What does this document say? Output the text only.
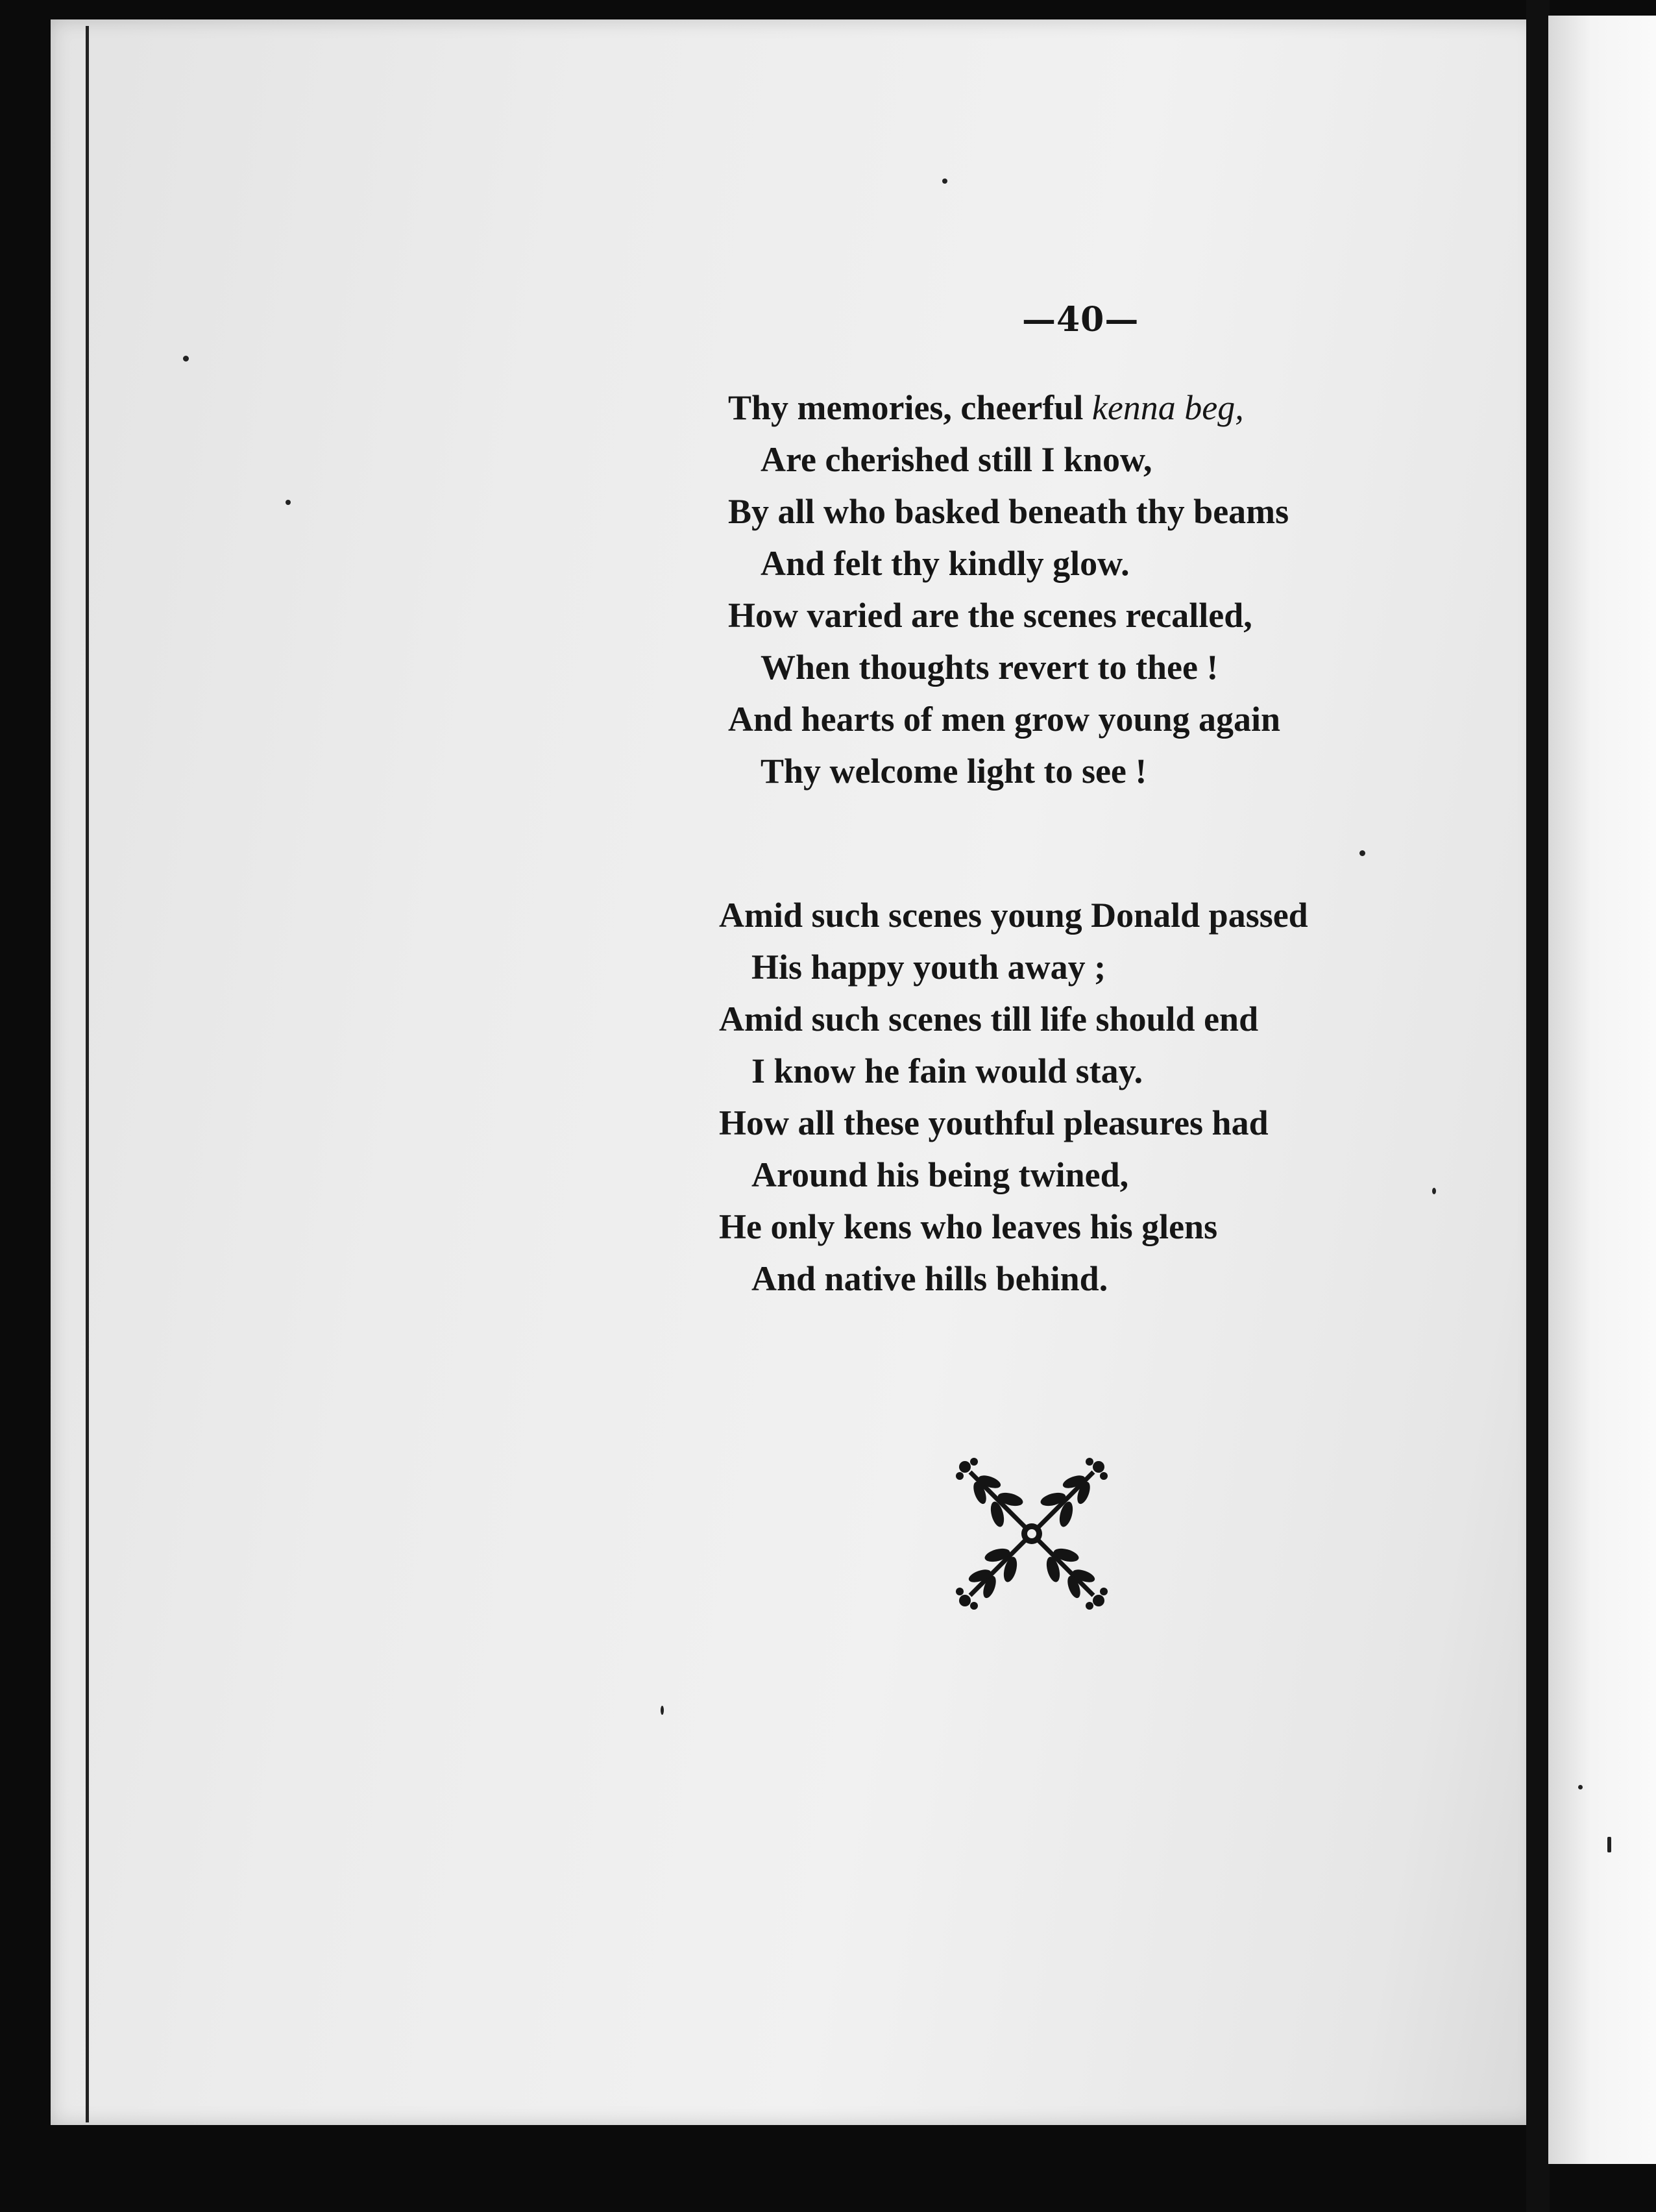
—40—
Thy memories, cheerful kenna beg,
Are cherished still I know,
By all who basked beneath thy beams
And felt thy kindly glow.
How varied are the scenes recalled,
When thoughts revert to thee !
And hearts of men grow young again
Thy welcome light to see !
Amid such scenes young Donald passed
His happy youth away ;
Amid such scenes till life should end
I know he fain would stay.
How all these youthful pleasures had
Around his being twined,
He only kens who leaves his glens
And native hills behind.
